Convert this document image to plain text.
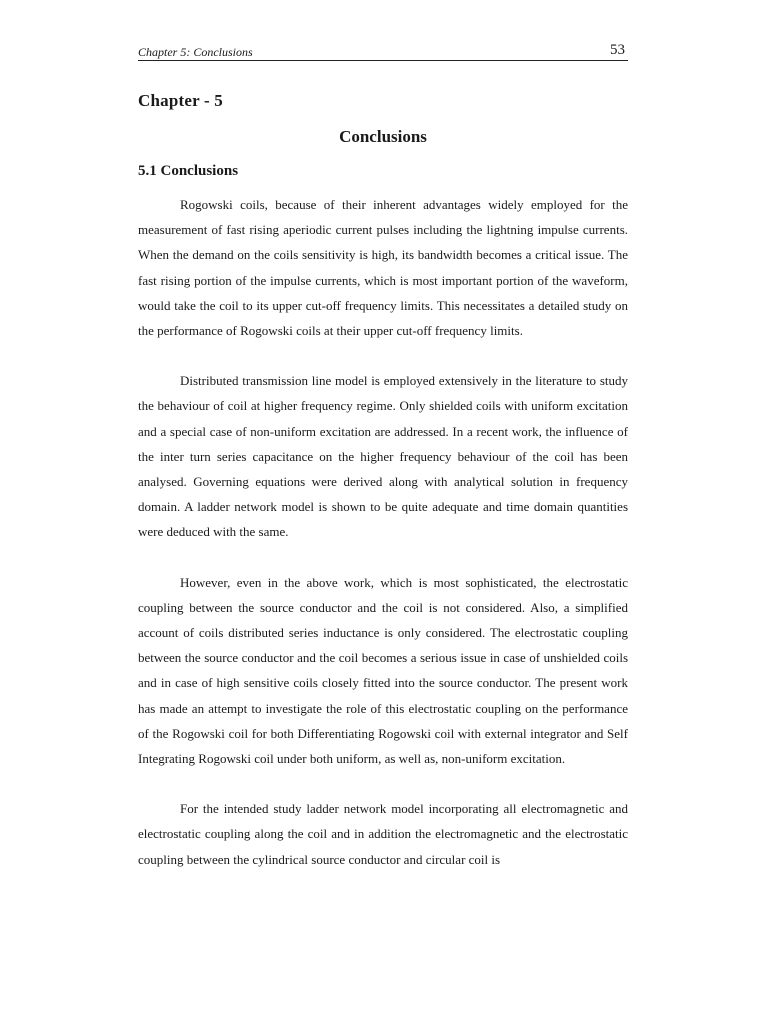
Chapter 5: Conclusions	53
Chapter - 5
Conclusions
5.1 Conclusions

Rogowski coils, because of their inherent advantages widely employed for the measurement of fast rising aperiodic current pulses including the lightning impulse currents. When the demand on the coils sensitivity is high, its bandwidth becomes a critical issue. The fast rising portion of the impulse currents, which is most important portion of the waveform, would take the coil to its upper cut-off frequency limits. This necessitates a detailed study on the performance of Rogowski coils at their upper cut-off frequency limits.

Distributed transmission line model is employed extensively in the literature to study the behaviour of coil at higher frequency regime. Only shielded coils with uniform excitation and a special case of non-uniform excitation are addressed. In a recent work, the influence of the inter turn series capacitance on the higher frequency behaviour of the coil has been analysed. Governing equations were derived along with analytical solution in frequency domain. A ladder network model is shown to be quite adequate and time domain quantities were deduced with the same.

However, even in the above work, which is most sophisticated, the electrostatic coupling between the source conductor and the coil is not considered. Also, a simplified account of coils distributed series inductance is only considered. The electrostatic coupling between the source conductor and the coil becomes a serious issue in case of unshielded coils and in case of high sensitive coils closely fitted into the source conductor. The present work has made an attempt to investigate the role of this electrostatic coupling on the performance of the Rogowski coil for both Differentiating Rogowski coil with external integrator and Self Integrating Rogowski coil under both uniform, as well as, non-uniform excitation.

For the intended study ladder network model incorporating all electromagnetic and electrostatic coupling along the coil and in addition the electromagnetic and the electrostatic coupling between the cylindrical source conductor and circular coil is
